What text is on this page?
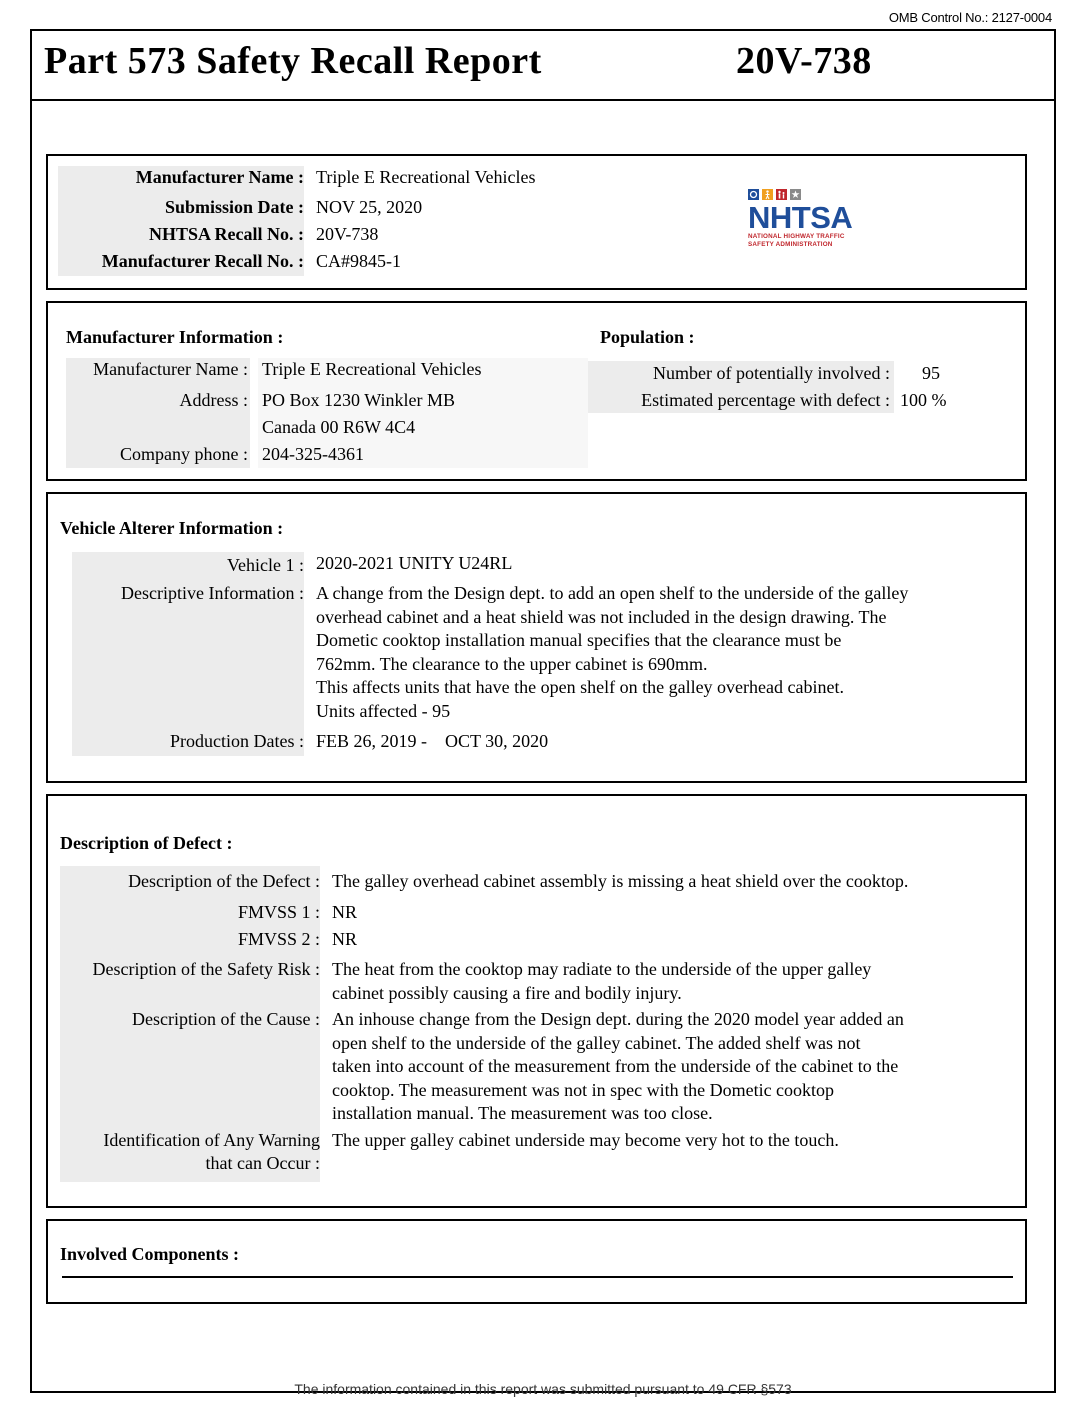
OMB Control No.: 2127-0004
Part 573 Safety Recall Report	20V-738
Manufacturer Name : Triple E Recreational Vehicles
Submission Date : NOV 25, 2020
NHTSA Recall No. : 20V-738
Manufacturer Recall No. : CA#9845-1
Manufacturer Information :
Manufacturer Name : Triple E Recreational Vehicles
Address : PO Box 1230 Winkler MB
Canada 00 R6W 4C4
Company phone : 204-325-4361
Population :
Number of potentially involved : 95
Estimated percentage with defect : 100 %
Vehicle Alterer Information :
Vehicle 1 : 2020-2021 UNITY U24RL
Descriptive Information : A change from the Design dept. to add an open shelf to the underside of the galley
overhead cabinet and a heat shield was not included in the design drawing. The
Dometic cooktop installation manual specifies that the clearance must be
762mm. The clearance to the upper cabinet is 690mm.
This affects units that have the open shelf on the galley overhead cabinet.
Units affected - 95
Production Dates : FEB 26, 2019 -    OCT 30, 2020
Description of Defect :
Description of the Defect : The galley overhead cabinet assembly is missing a heat shield over the cooktop.
FMVSS 1 : NR
FMVSS 2 : NR
Description of the Safety Risk : The heat from the cooktop may radiate to the underside of the upper galley
cabinet possibly causing a fire and bodily injury.
Description of the Cause : An inhouse change from the Design dept. during the 2020 model year added an
open shelf to the underside of the galley cabinet. The added shelf was not
taken into account of the measurement from the underside of the cabinet to the
cooktop. The measurement was not in spec with the Dometic cooktop
installation manual. The measurement was too close.
Identification of Any Warning
that can Occur :
The upper galley cabinet underside may become very hot to the touch.
Involved Components :
The information contained in this report was submitted pursuant to 49 CFR §573
NHTSA
NATIONAL HIGHWAY TRAFFIC
SAFETY ADMINISTRATION
